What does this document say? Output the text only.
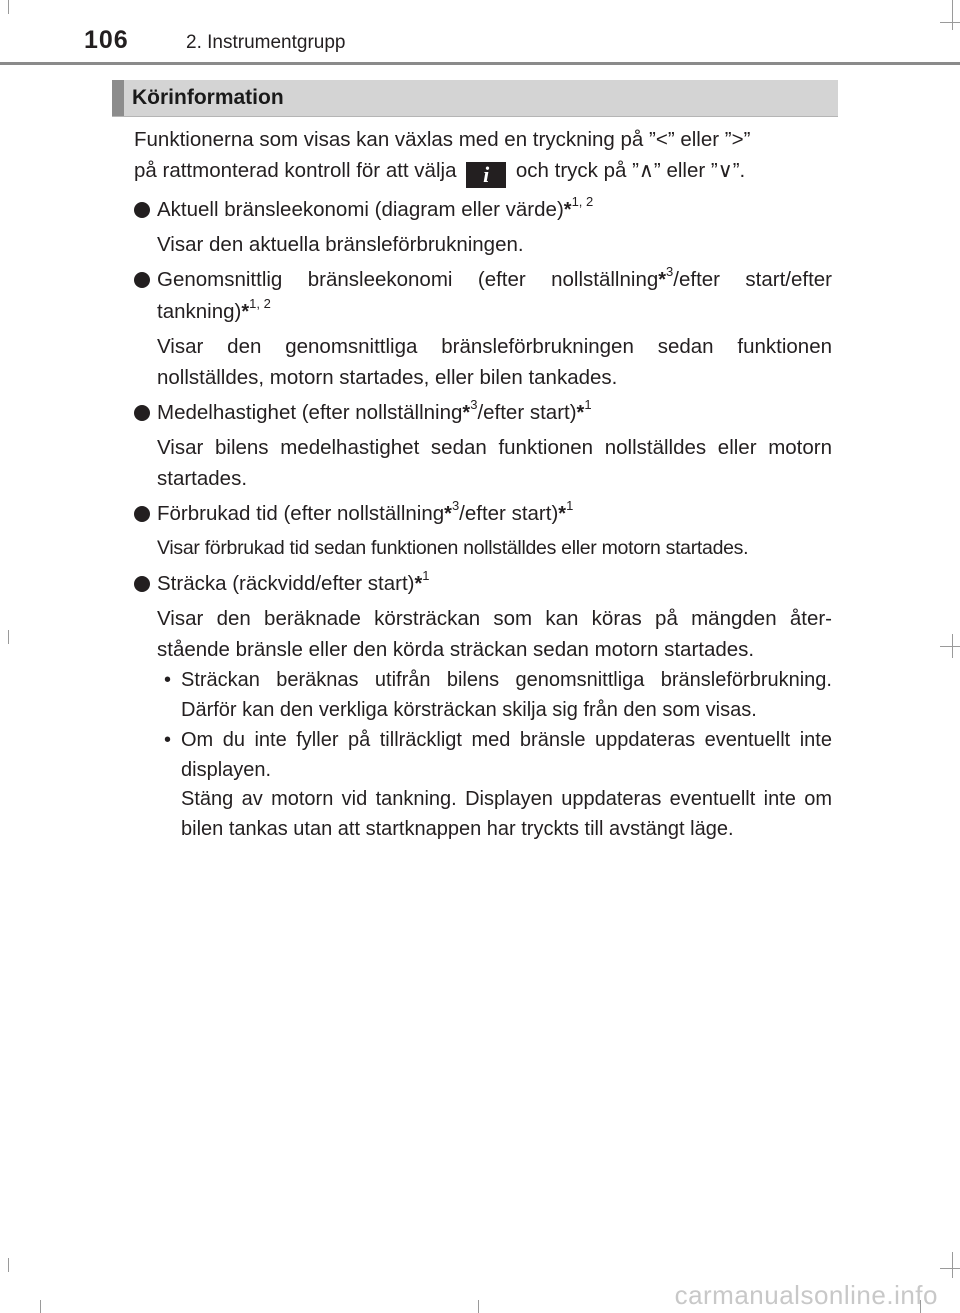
106	2. Instrumentgrupp
Körinformation
Funktionerna som visas kan växlas med en tryckning på ”<” eller ”>”
på rattmonterad kontroll för att välja i och tryck på ”∧” eller ”∨”.
Aktuell bränsleekonomi (diagram eller värde)*$^{1, 2}$
Visar den aktuella bränsleförbrukningen.
Genomsnittlig bränsleekonomi (efter nollställning*$^3$/efter start/efter tankning)*$^{1, 2}$
Visar den genomsnittliga bränsleförbrukningen sedan funktionen nollställdes, motorn startades, eller bilen tankades.
Medelhastighet (efter nollställning*$^3$/efter start)*$^1$
Visar bilens medelhastighet sedan funktionen nollställdes eller motorn startades.
Förbrukad tid (efter nollställning*$^3$/efter start)*$^1$
Visar förbrukad tid sedan funktionen nollställdes eller motorn startades.
Sträcka (räckvidd/efter start)*$^1$
Visar den beräknade körsträckan som kan köras på mängden åter-stående bränsle eller den körda sträckan sedan motorn startades.
• Sträckan beräknas utifrån bilens genomsnittliga bränsleförbrukning. Därför kan den verkliga körsträckan skilja sig från den som visas.
• Om du inte fyller på tillräckligt med bränsle uppdateras eventuellt inte displayen.
Stäng av motorn vid tankning. Displayen uppdateras eventuellt inte om bilen tankas utan att startknappen har tryckts till avstängt läge.
carmanualsonline.info
